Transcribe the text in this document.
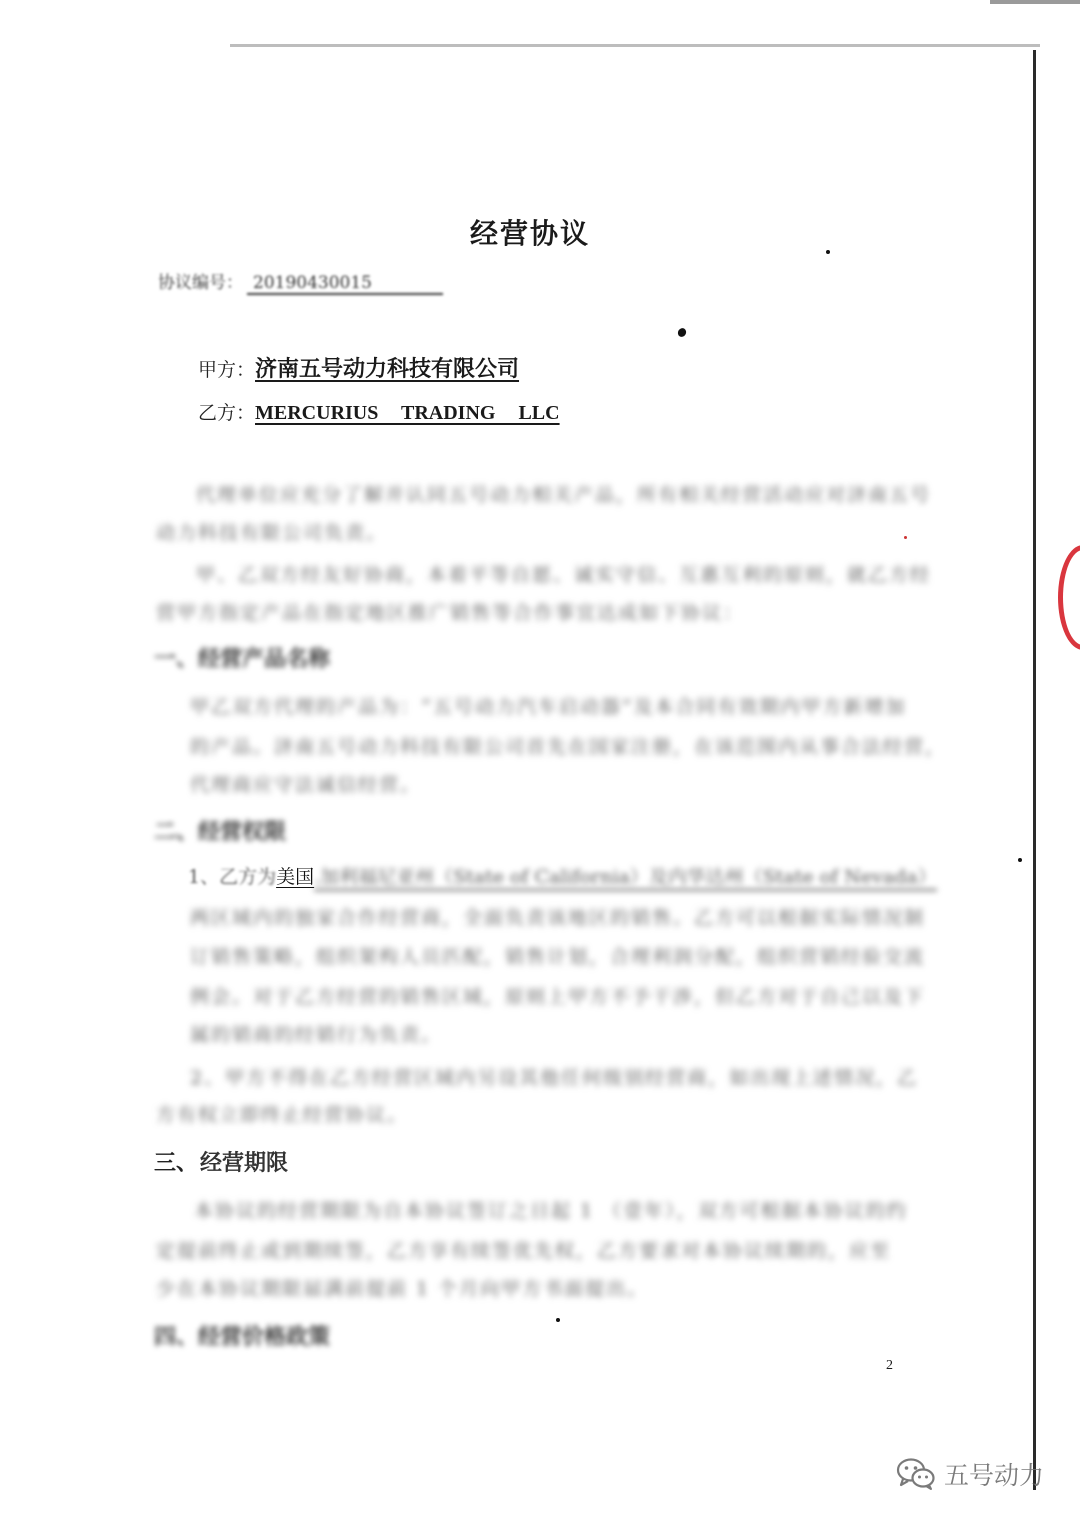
经营协议
协议编号： 20190430015
甲方：济南五号动力科技有限公司
乙方：MERCURIUS TRADING LLC
代理单位应充分了解并认同五号动力相关产品，所有相关经营活动应对济南五号
动力科技有限公司负责。
甲、乙双方经友好协商，本着平等自愿、诚实守信、互惠互利的原则，就乙方经
营甲方指定产品在指定地区推广销售等合作事宜达成如下协议：
一、经营产品名称
甲乙双方代理的产品为：“五号动力汽车启动器”及本合同有效期内甲方新增加
的产品。济南五号动力科技有限公司首先在国家注册，在该范围内从事合法经营，
代理商应守法诚信经营。
二、经营权限
1、乙方为美国.加利福尼亚州（State of California）及内华达州（State of Nevada）
两区域内的独家合作经营商，全面负责该地区的销售。乙方可以根据实际情况制
订销售策略，组织架构人员匹配，销售计划，合理利润分配，组织营销经验交流
例会。对于乙方经营的销售区域，原则上甲方不予干涉，但乙方对于自己以及下
属的销商的经销行为负责。
2、甲方不得在乙方经营区域内另设其他任何级别经营商，如出现上述情况，乙
方有权立即终止经营协议。
三、 经营期限
本协议的经营期限为自本协议签订之日起 1 （壹年），双方可根据本协议的约
定提前终止或到期续签，乙方享有续签优先权，乙方要求对本协议续期的，应至
少在本协议期限届满前提前 1 个月向甲方书面提出。
四、经营价格政策
2
五号动力
